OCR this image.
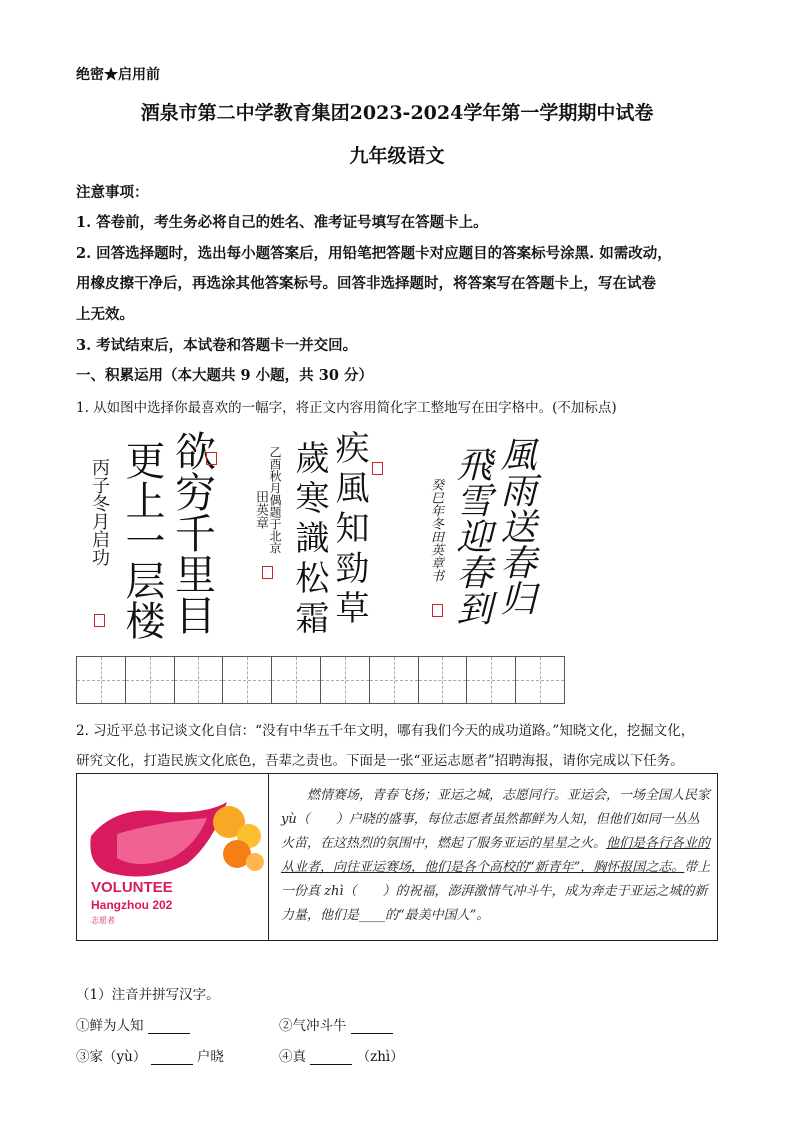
绝密★启用前
酒泉市第二中学教育集团2023-2024学年第一学期期中试卷
九年级语文
注意事项：
1. 答卷前，考生务必将自己的姓名、准考证号填写在答题卡上。
2. 回答选择题时，选出每小题答案后，用铅笔把答题卡对应题目的答案标号涂黑. 如需改动，
用橡皮擦干净后，再选涂其他答案标号。回答非选择题时，将答案写在答题卡上，写在试卷
上无效。
3. 考试结束后，本试卷和答题卡一并交回。
一、积累运用（本大题共 9 小题，共 30 分）
1. 从如图中选择你最喜欢的一幅字，将正文内容用简化字工整地写在田字格中。(不加标点)
欲穷千里目
更上一层楼
丙子冬月启功	疾風知勁草
歲寒識松霜
乙酉秋月偶题于北京
田英章	風雨送春归
飛雪迎春到
癸巳年冬田英章书
2. 习近平总书记谈文化自信：“没有中华五千年文明，哪有我们今天的成功道路。”知晓文化，挖掘文化，
研究文化，打造民族文化底色，吾辈之责也。下面是一张“亚运志愿者”招聘海报，请你完成以下任务。
VOLUNTEE
Hangzhou 202
志愿者
燃情赛场，青春飞扬；亚运之城，志愿同行。亚运会，一场全国人民家 yù（　　）户晓的盛事，每位志愿者虽然都鲜为人知，但他们如同一丛丛火苗，在这热烈的氛围中，燃起了服务亚运的星星之火。他们是各行各业的从业者，向往亚运赛场，他们是各个高校的“新青年”，胸怀报国之志。带上一份真 zhì（　　）的祝福，澎湃激情气冲斗牛，成为奔走于亚运之城的新力量，他们是____的“最美中国人”。
（1）注音并拼写汉字。
①鲜为人知	②气冲斗牛
③家（yù）	户晓	④真	（zhì）
